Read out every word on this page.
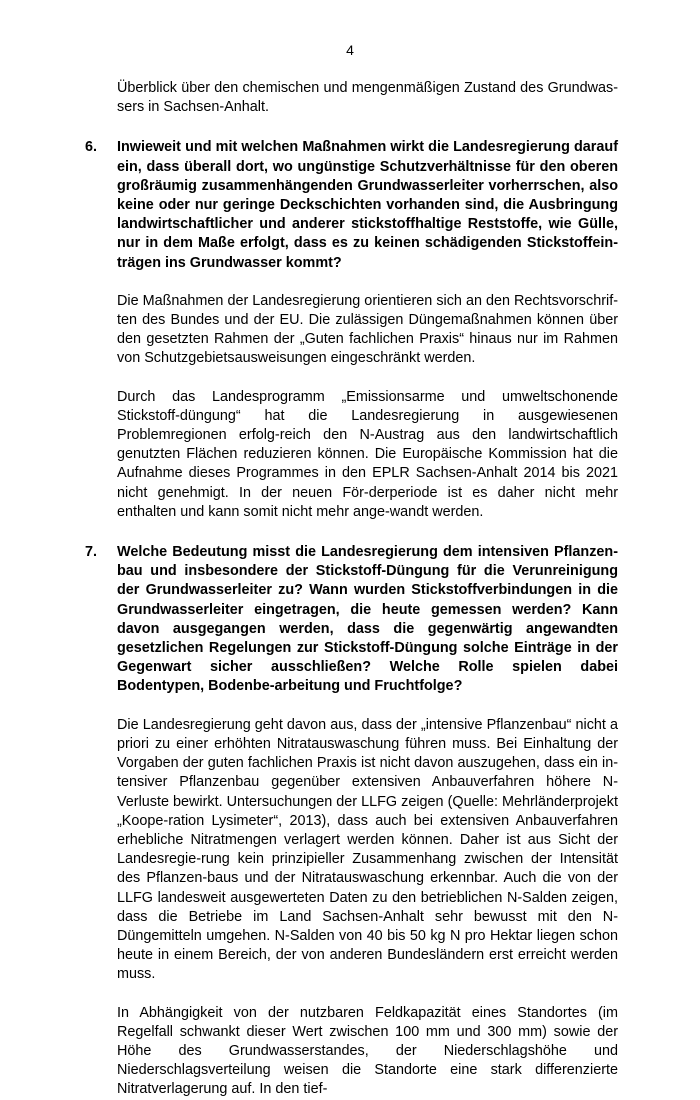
4

Überblick über den chemischen und mengenmäßigen Zustand des Grundwas-sers in Sachsen-Anhalt.

6.	Inwieweit und mit welchen Maßnahmen wirkt die Landesregierung darauf ein, dass überall dort, wo ungünstige Schutzverhältnisse für den oberen großräumig zusammenhängenden Grundwasserleiter vorherrschen, also keine oder nur geringe Deckschichten vorhanden sind, die Ausbringung landwirtschaftlicher und anderer stickstoffhaltige Reststoffe, wie Gülle, nur in dem Maße erfolgt, dass es zu keinen schädigenden Stickstoffein-trägen ins Grundwasser kommt?

Die Maßnahmen der Landesregierung orientieren sich an den Rechtsvorschrif-ten des Bundes und der EU. Die zulässigen Düngemaßnahmen können über den gesetzten Rahmen der „Guten fachlichen Praxis“ hinaus nur im Rahmen von Schutzgebietsausweisungen eingeschränkt werden.

Durch das Landesprogramm „Emissionsarme und umweltschonende Stickstoff-düngung“ hat die Landesregierung in ausgewiesenen Problemregionen erfolg-reich den N-Austrag aus den landwirtschaftlich genutzten Flächen reduzieren können. Die Europäische Kommission hat die Aufnahme dieses Programmes in den EPLR Sachsen-Anhalt 2014 bis 2021 nicht genehmigt. In der neuen För-derperiode ist es daher nicht mehr enthalten und kann somit nicht mehr ange-wandt werden.

7.	Welche Bedeutung misst die Landesregierung dem intensiven Pflanzen-bau und insbesondere der Stickstoff-Düngung für die Verunreinigung der Grundwasserleiter zu? Wann wurden Stickstoffverbindungen in die Grundwasserleiter eingetragen, die heute gemessen werden? Kann davon ausgegangen werden, dass die gegenwärtig angewandten gesetzlichen Regelungen zur Stickstoff-Düngung solche Einträge in der Gegenwart sicher ausschließen? Welche Rolle spielen dabei Bodentypen, Bodenbe-arbeitung und Fruchtfolge?

Die Landesregierung geht davon aus, dass der „intensive Pflanzenbau“ nicht a priori zu einer erhöhten Nitratauswaschung führen muss. Bei Einhaltung der Vorgaben der guten fachlichen Praxis ist nicht davon auszugehen, dass ein in-tensiver Pflanzenbau gegenüber extensiven Anbauverfahren höhere N-Verluste bewirkt. Untersuchungen der LLFG zeigen (Quelle: Mehrländerprojekt „Koope-ration Lysimeter“, 2013), dass auch bei extensiven Anbauverfahren erhebliche Nitratmengen verlagert werden können. Daher ist aus Sicht der Landesregie-rung kein prinzipieller Zusammenhang zwischen der Intensität des Pflanzen-baus und der Nitratauswaschung erkennbar. Auch die von der LLFG landesweit ausgewerteten Daten zu den betrieblichen N-Salden zeigen, dass die Betriebe im Land Sachsen-Anhalt sehr bewusst mit den N-Düngemitteln umgehen. N-Salden von 40 bis 50 kg N pro Hektar liegen schon heute in einem Bereich, der von anderen Bundesländern erst erreicht werden muss.

In Abhängigkeit von der nutzbaren Feldkapazität eines Standortes (im Regelfall schwankt dieser Wert zwischen 100 mm und 300 mm) sowie der Höhe des Grundwasserstandes, der Niederschlagshöhe und Niederschlagsverteilung weisen die Standorte eine stark differenzierte Nitratverlagerung auf. In den tief-
